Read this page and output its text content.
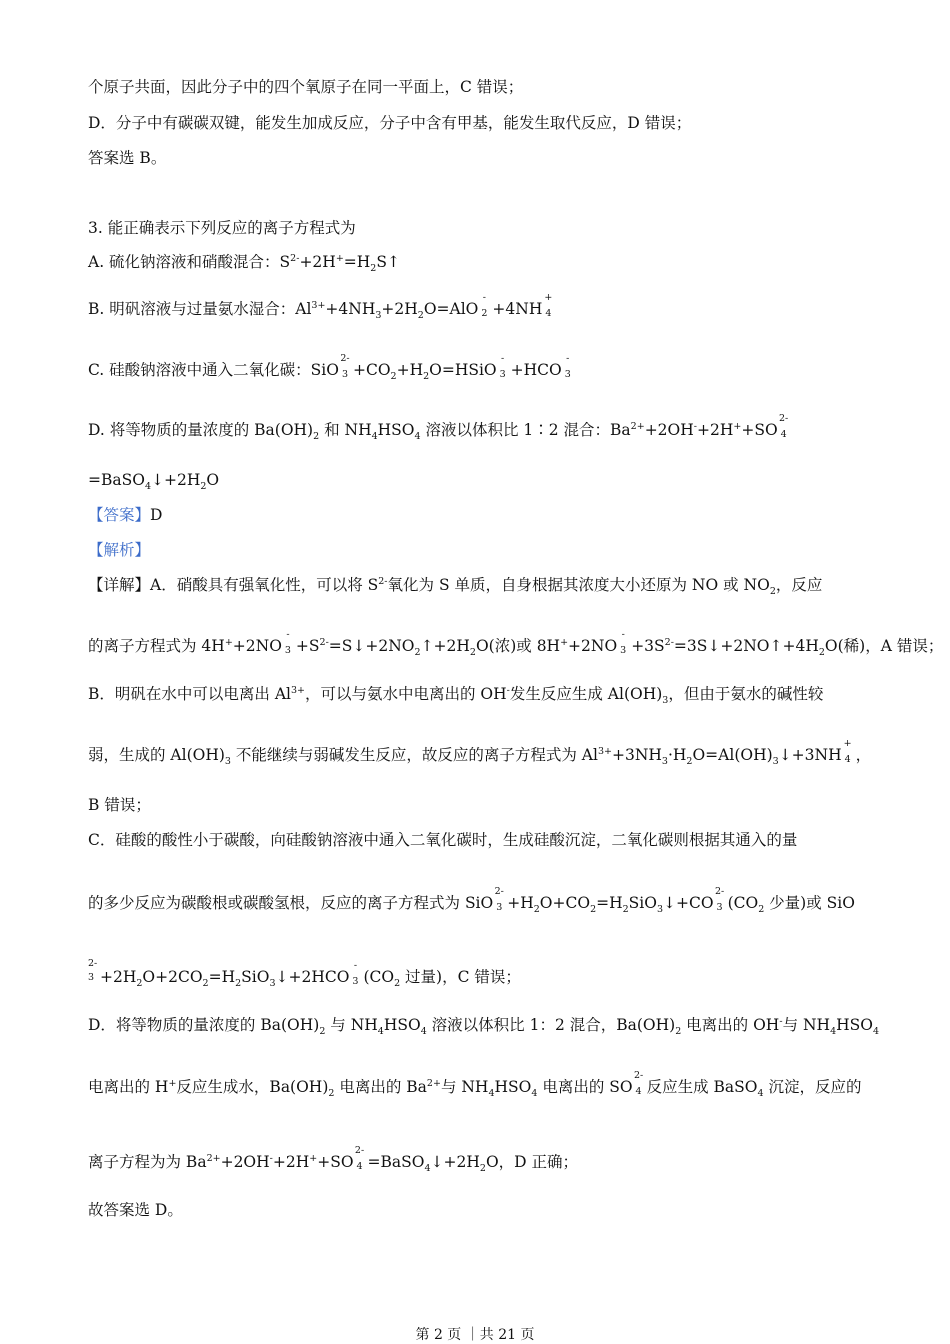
个原子共面，因此分子中的四个氧原子在同一平面上，C 错误；
D．分子中有碳碳双键，能发生加成反应，分子中含有甲基，能发生取代反应，D 错误；
答案选 B。
3. 能正确表示下列反应的离子方程式为
A. 硫化钠溶液和硝酸混合：$S^{2-}+2H^+=H_2S↑$
B. 明矾溶液与过量氨水湿合：$Al^{3+}+4NH_3+2H_2O=AlO$
-
2 +4NH
+
4
C. 硅酸钠溶液中通入二氧化碳：SiO
2-
$3 +CO_2+H_2O=HSiO$
-
3 +HCO
-
3
D. 将等物质的量浓度的 $Ba(OH)_2$ 和 $NH_4HSO_4$ 溶液以体积比 1∶2 混合：$Ba^{2+}+2OH^-+2H^++SO$
2-
4
$=BaSO_4↓+2H_2O$
【答案】D
【解析】
【详解】A．硝酸具有强氧化性，可以将 $S^{2-}$氧化为 S 单质，自身根据其浓度大小还原为 NO 或 $NO_2$，反应
的离子方程式为 4H++2NO
-
$3 +S^{2-}=S↓+2NO_2↑+2H_2O$(浓)或 8H++2NO
-
$3 +3S^{2-}=3S↓+2NO↑+4H_2O$(稀)，A 错误；
B．明矾在水中可以电离出 $Al^{3+}$，可以与氨水中电离出的 OH-发生反应生成 $Al(OH)_3$，但由于氨水的碱性较
弱，生成的 $Al(OH)_3$ 不能继续与弱碱发生反应，故反应的离子方程式为 $Al^{3+}+3NH_3\cdot H_2O=Al(OH)_3↓+3NH$
+
4 ，
B 错误；
C．硅酸的酸性小于碳酸，向硅酸钠溶液中通入二氧化碳时，生成硅酸沉淀，二氧化碳则根据其通入的量
的多少反应为碳酸根或碳酸氢根，反应的离子方程式为 SiO
2-
$3 +H_2O+CO_2=H_2SiO_3↓+CO$
2-
3 ($CO_2$ 少量)或 SiO
2-
$3 +2H_2O+2CO_2=H_2SiO_3↓+2HCO$
-
3 ($CO_2$ 过量)，C 错误；
D．将等物质的量浓度的 $Ba(OH)_2$ 与 $NH_4HSO_4$ 溶液以体积比 1：2 混合，$Ba(OH)_2$ 电离出的 OH-与 $NH_4HSO_4$
电离出的 H+反应生成水，$Ba(OH)_2$ 电离出的 $Ba^{2+}$与 $NH_4HSO_4$ 电离出的 SO
2-
4 反应生成 BaSO$_4$ 沉淀，反应的
离子方程为为 $Ba^{2+}+2OH^-+2H^++SO$
2-
$4 =BaSO_4↓+2H_2O$，D 正确；
故答案选 D。
第 2 页 ｜共 21 页
